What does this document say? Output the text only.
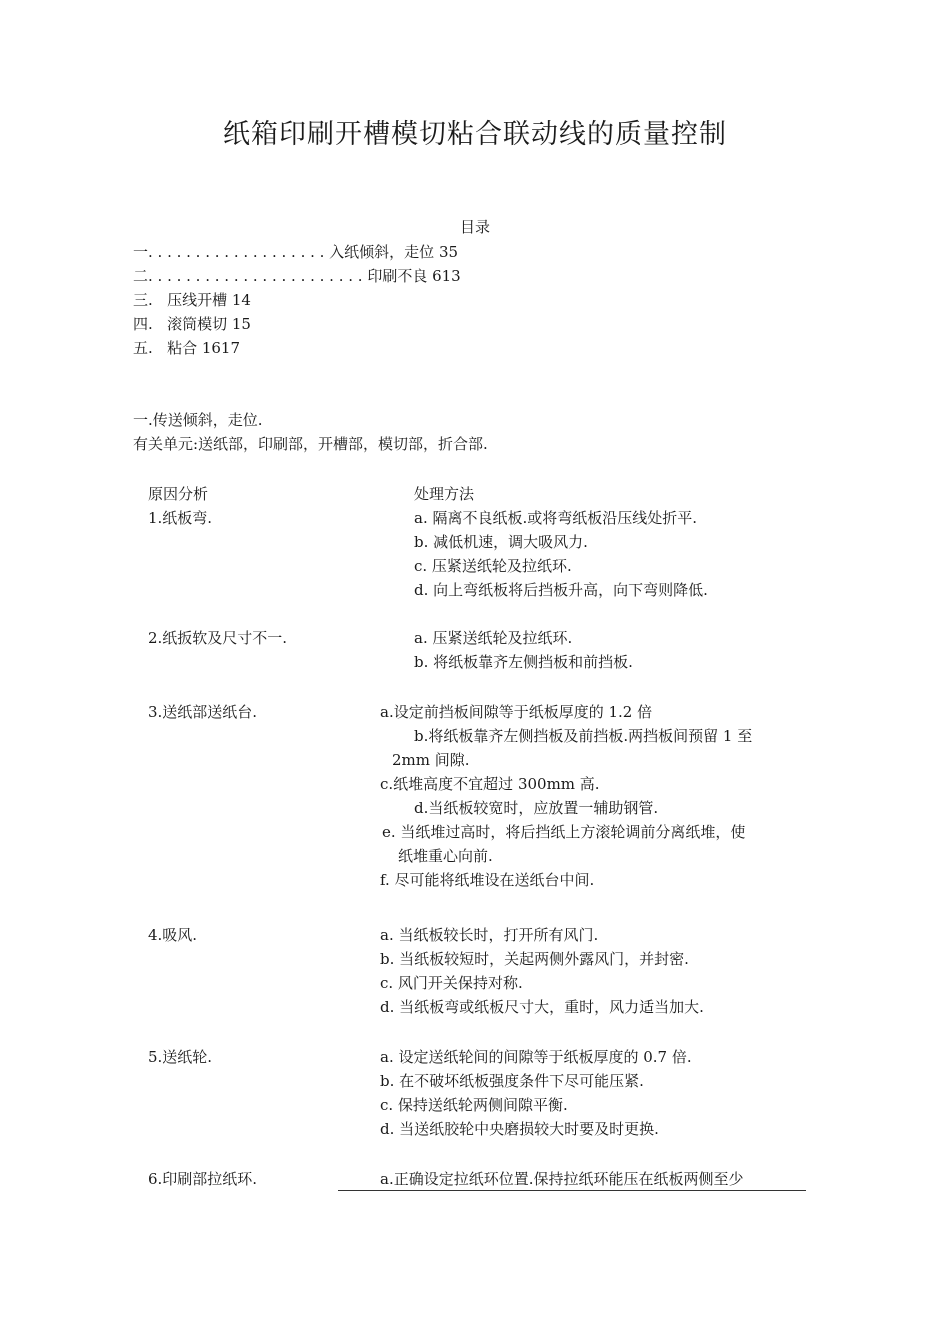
纸箱印刷开槽模切粘合联动线的质量控制
目录
一. . . . . . . . . . . . . . . . . . . 入纸倾斜，走位 35
二. . . . . . . . . . . . . . . . . . . . . . . 印刷不良 613
三.   压线开槽 14
四.   滚筒模切 15
五.   粘合 1617
一.传送倾斜，走位.
有关单元:送纸部，印刷部，开槽部，模切部，折合部.
原因分析	处理方法
1.纸板弯.	a. 隔离不良纸板.或将弯纸板沿压线处折平.
b. 减低机速，调大吸风力.
c. 压紧送纸轮及拉纸环.
d. 向上弯纸板将后挡板升高，向下弯则降低.
2.纸扳软及尺寸不一.	a. 压紧送纸轮及拉纸环.
b. 将纸板靠齐左侧挡板和前挡板.
3.送纸部送纸台.	a.设定前挡板间隙等于纸板厚度的 1.2 倍
b.将纸板靠齐左侧挡板及前挡板.两挡板间预留 1 至
2mm 间隙.
c.纸堆高度不宜超过 300mm 高.
d.当纸板较宽时，应放置一辅助钢管.
e. 当纸堆过高时，将后挡纸上方滚轮调前分离纸堆，使
纸堆重心向前.
f. 尽可能将纸堆设在送纸台中间.
4.吸风.	a. 当纸板较长时，打开所有风门.
b. 当纸板较短时，关起两侧外露风门，并封密.
c. 风门开关保持对称.
d. 当纸板弯或纸板尺寸大，重时，风力适当加大.
5.送纸轮.	a. 设定送纸轮间的间隙等于纸板厚度的 0.7 倍.
b. 在不破坏纸板强度条件下尽可能压紧.
c. 保持送纸轮两侧间隙平衡.
d. 当送纸胶轮中央磨损较大时要及时更换.
6.印刷部拉纸环.	a.正确设定拉纸环位置.保持拉纸环能压在纸板两侧至少
